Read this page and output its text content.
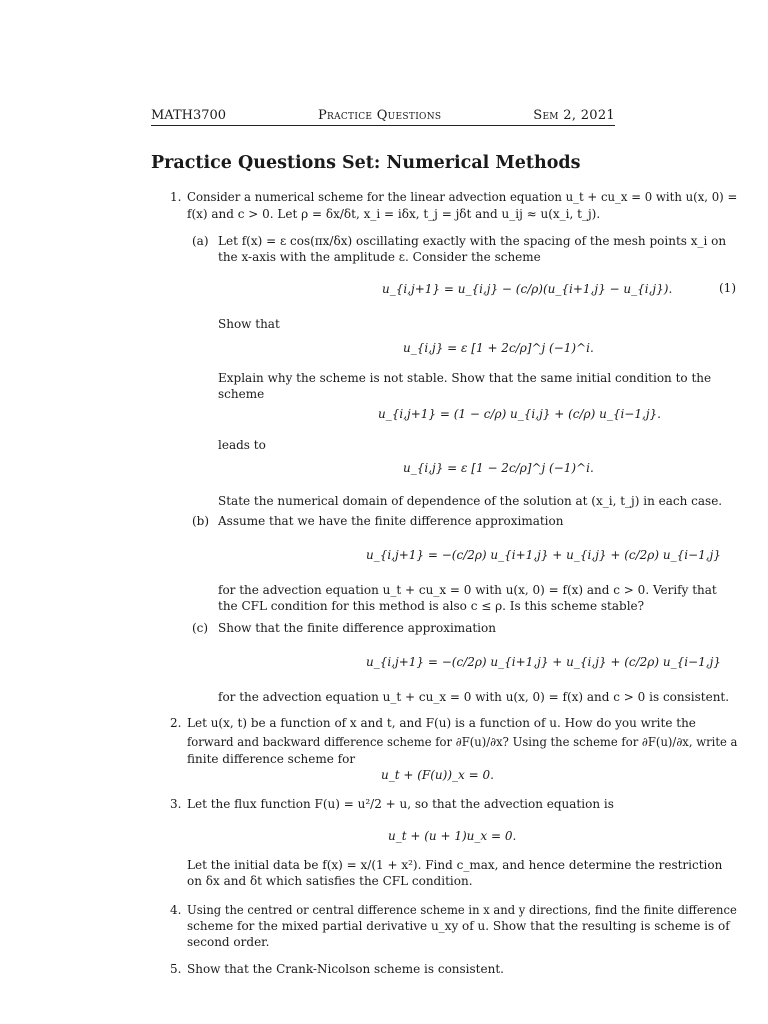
MATH3700	Practice Questions	Sem 2, 2021
Practice Questions Set: Numerical Methods
1. Consider a numerical scheme for the linear advection equation u_t + cu_x = 0 with u(x, 0) =
f(x) and c > 0. Let ρ = δx/δt, x_i = iδx, t_j = jδt and u_ij ≈ u(x_i, t_j).
(a) Let f(x) = ε cos(πx/δx) oscillating exactly with the spacing of the mesh points x_i on
the x-axis with the amplitude ε. Consider the scheme
u_{i,j+1} = u_{i,j} − (c/ρ)(u_{i+1,j} − u_{i,j}).	(1)
Show that
u_{i,j} = ε [1 + 2c/ρ]^j (−1)^i.
Explain why the scheme is not stable. Show that the same initial condition to the
scheme
u_{i,j+1} = (1 − c/ρ) u_{i,j} + (c/ρ) u_{i−1,j}.
leads to
u_{i,j} = ε [1 − 2c/ρ]^j (−1)^i.
State the numerical domain of dependence of the solution at (x_i, t_j) in each case.
(b) Assume that we have the finite difference approximation
u_{i,j+1} = −(c/2ρ) u_{i+1,j} + u_{i,j} + (c/2ρ) u_{i−1,j}
for the advection equation u_t + cu_x = 0 with u(x, 0) = f(x) and c > 0. Verify that
the CFL condition for this method is also c ≤ ρ. Is this scheme stable?
(c) Show that the finite difference approximation
u_{i,j+1} = −(c/2ρ) u_{i+1,j} + u_{i,j} + (c/2ρ) u_{i−1,j}
for the advection equation u_t + cu_x = 0 with u(x, 0) = f(x) and c > 0 is consistent.
2. Let u(x, t) be a function of x and t, and F(u) is a function of u. How do you write the
forward and backward difference scheme for ∂F(u)/∂x? Using the scheme for ∂F(u)/∂x, write a
finite difference scheme for
u_t + (F(u))_x = 0.
3. Let the flux function F(u) = u²/2 + u, so that the advection equation is
u_t + (u + 1)u_x = 0.
Let the initial data be f(x) = x/(1 + x²). Find c_max, and hence determine the restriction
on δx and δt which satisfies the CFL condition.
4. Using the centred or central difference scheme in x and y directions, find the finite difference
scheme for the mixed partial derivative u_xy of u. Show that the resulting is scheme is of
second order.
5. Show that the Crank-Nicolson scheme is consistent.
